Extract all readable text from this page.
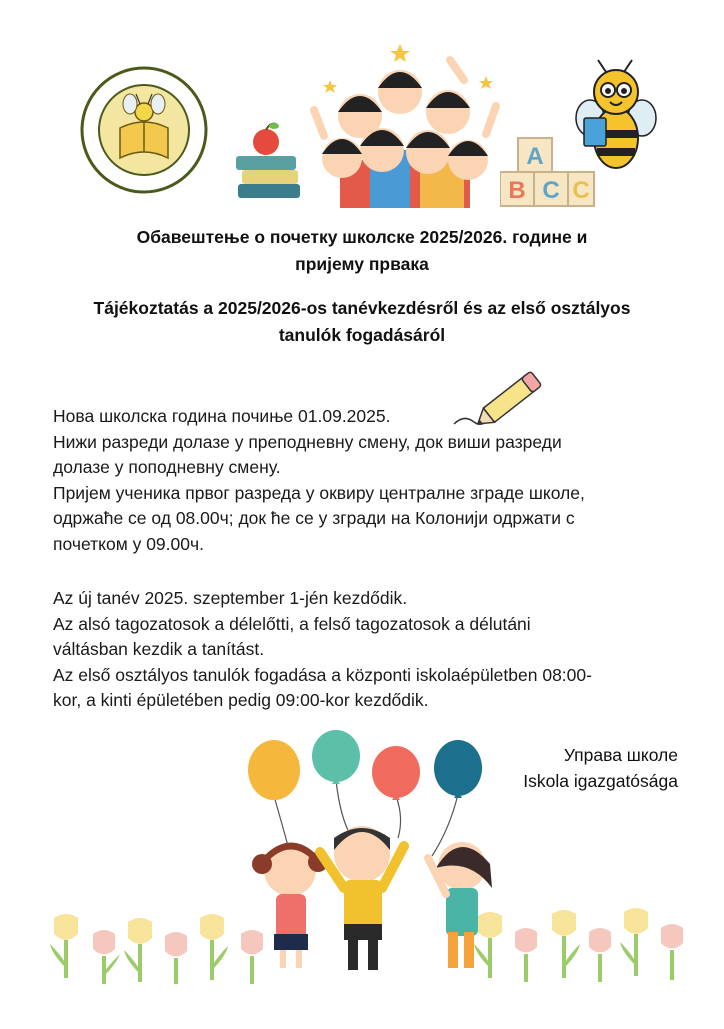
A
B C C
Обавештење о почетку школске 2025/2026. године и
пријему првака
Tájékoztatás a 2025/2026-os tanévkezdésről és az első osztályos
tanulók fogadásáról
Нова школска година почиње 01.09.2025.
Нижи разреди долазе у преподневну смену, док виши разреди
долазе у поподневну смену.
Пријем ученика првог разреда у оквиру централне зграде школе,
одржаће се од 08.00ч; док ће се у згради на Колонији одржати с
почетком у 09.00ч.
Az új tanév 2025. szeptember 1-jén kezdődik.
Az alsó tagozatosok a délelőtti, a felső tagozatosok a délutáni
váltásban kezdik a tanítást.
Az első osztályos tanulók fogadása a központi iskolaépületben 08:00-
kor, a kinti épületében pedig 09:00-kor kezdődik.
Управа школе
Iskola igazgatósága
